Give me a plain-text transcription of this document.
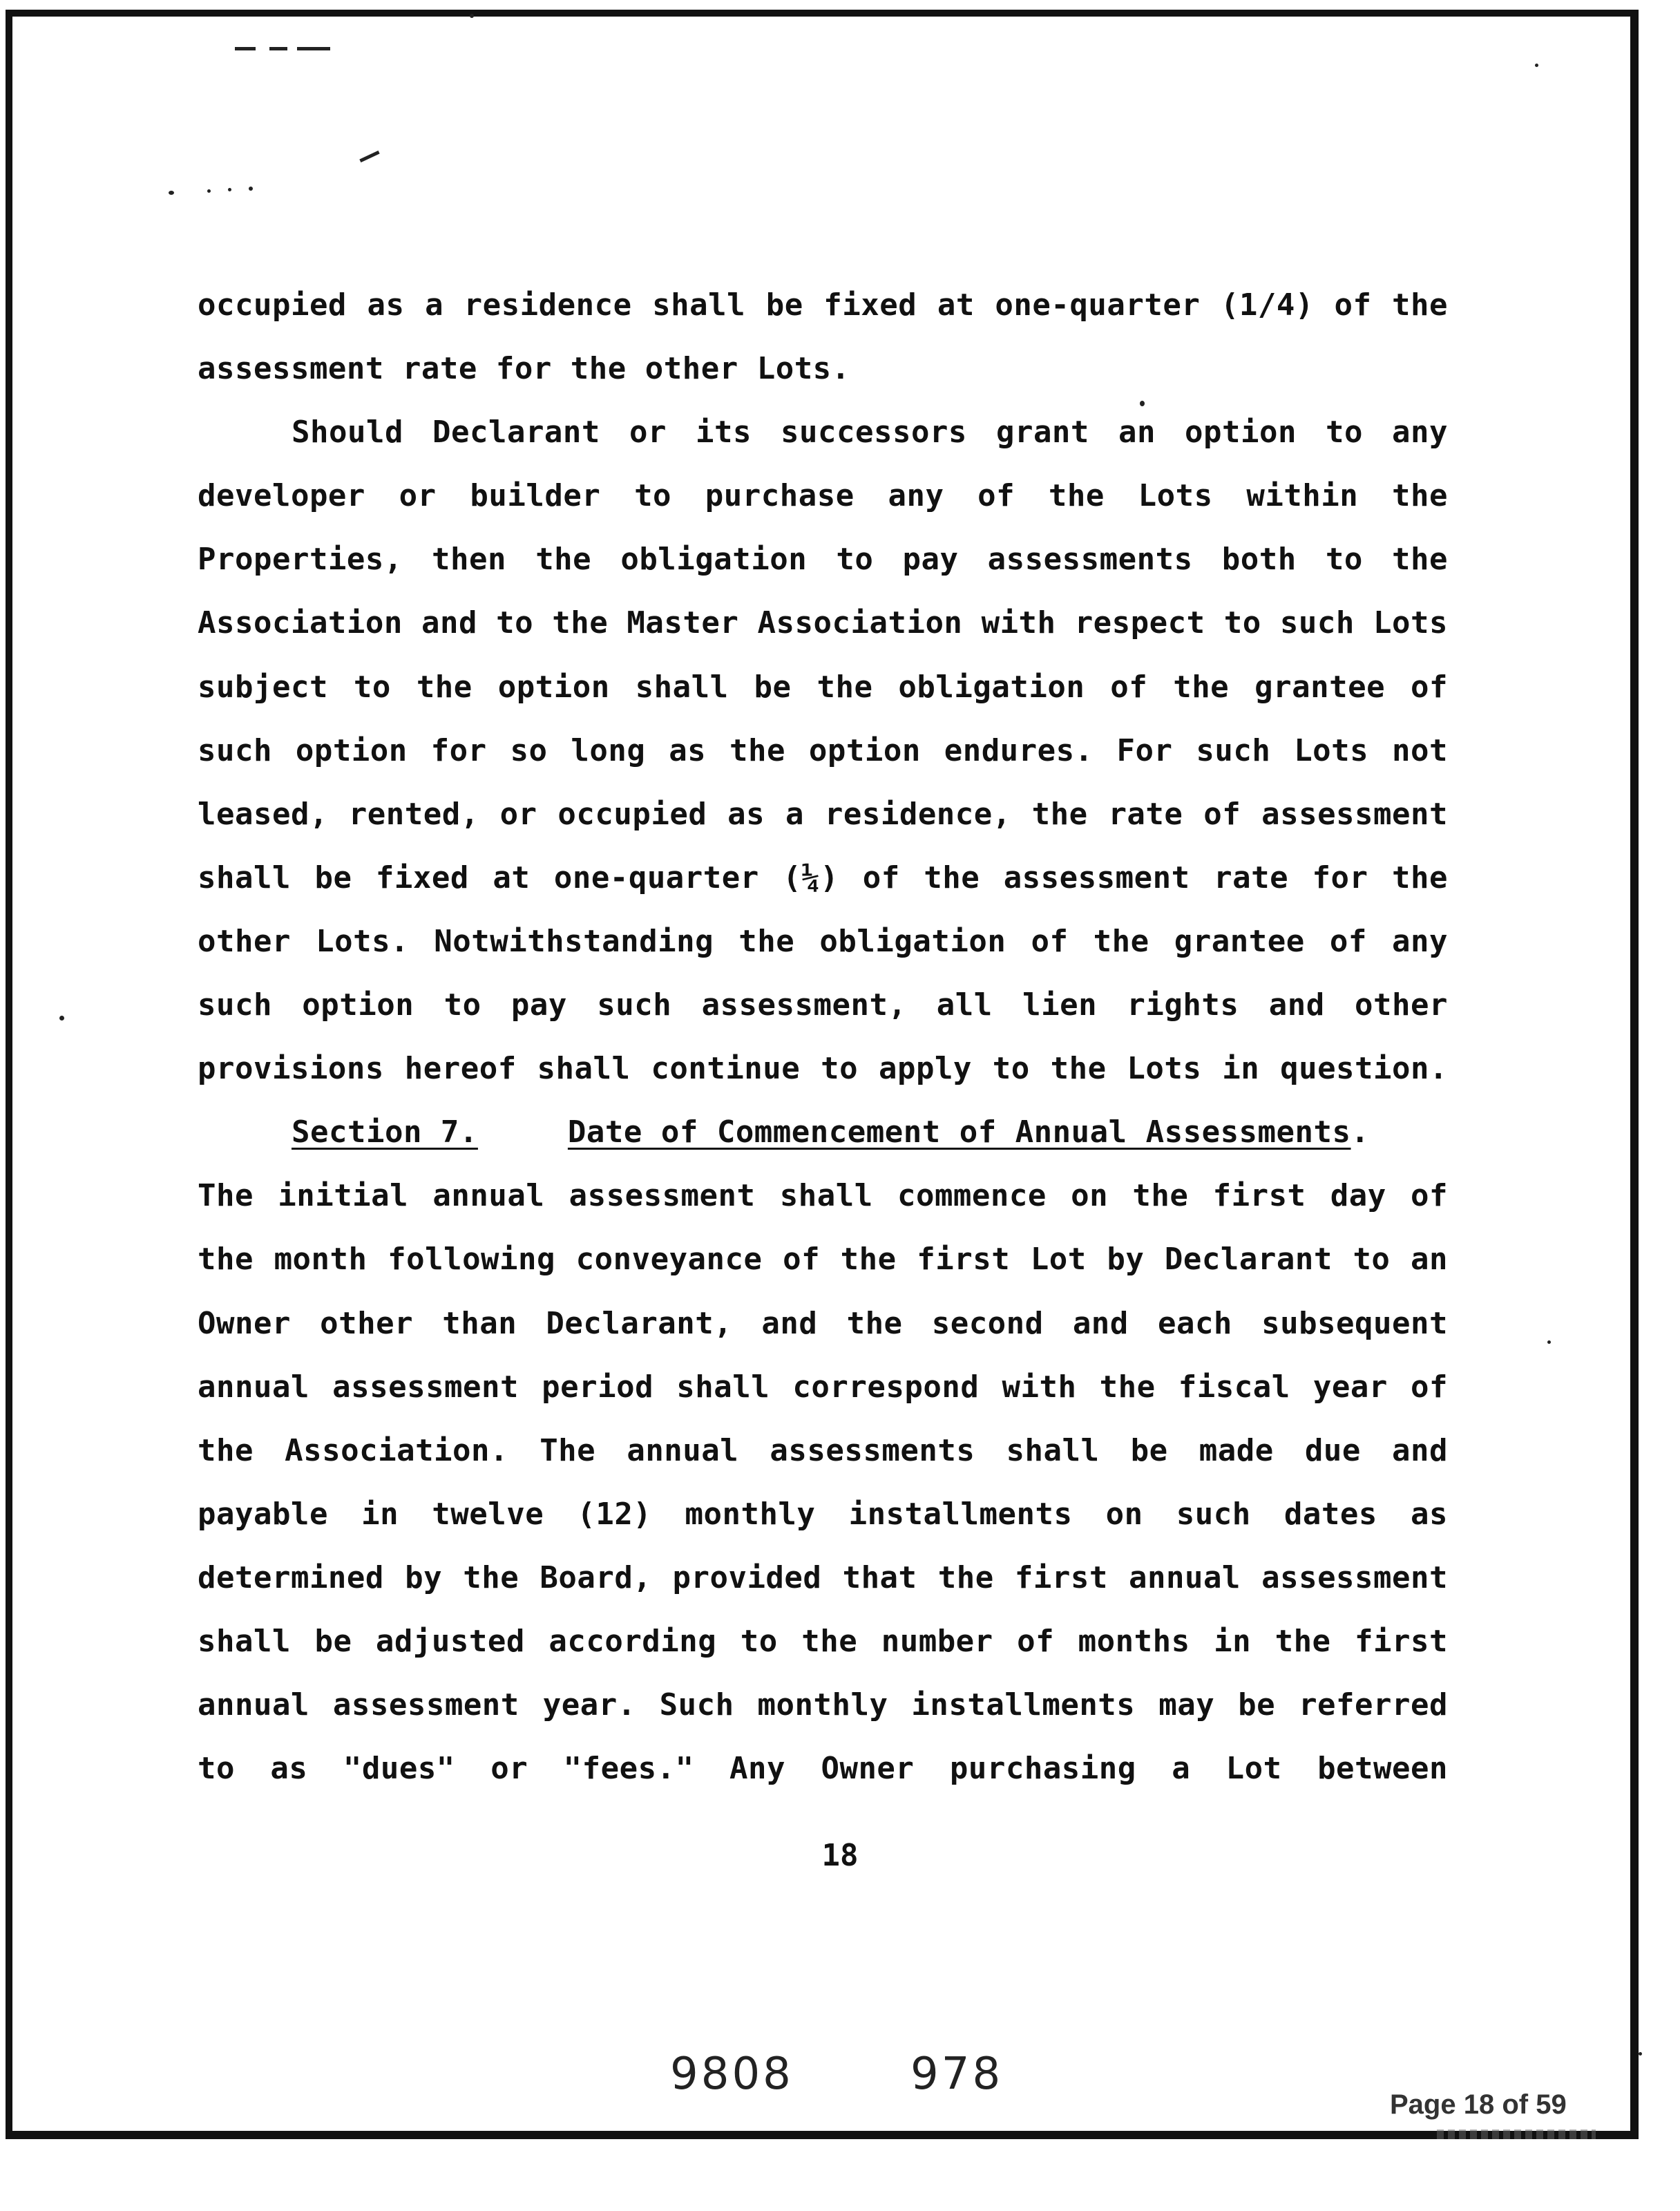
occupied as a residence shall be fixed at one-quarter (1/4) of the
assessment rate for the other Lots.
Should Declarant or its successors grant an option to any
developer or builder to purchase any of the Lots within the
Properties, then the obligation to pay assessments both to the
Association and to the Master Association with respect to such Lots
subject to the option shall be the obligation of the grantee of
such option for so long as the option endures. For such Lots not
leased, rented, or occupied as a residence, the rate of assessment
shall be fixed at one-quarter (¼) of the assessment rate for the
other Lots. Notwithstanding the obligation of the grantee of any
such option to pay such assessment, all lien rights and other
provisions hereof shall continue to apply to the Lots in question.
Section 7.	Date of Commencement of Annual Assessments .
The initial annual assessment shall commence on the first day of
the month following conveyance of the first Lot by Declarant to an
Owner other than Declarant, and the second and each subsequent
annual assessment period shall correspond with the fiscal year of
the Association. The annual assessments shall be made due and
payable in twelve (12) monthly installments on such dates as
determined by the Board, provided that the first annual assessment
shall be adjusted according to the number of months in the first
annual assessment year. Such monthly installments may be referred
to as "dues" or "fees." Any Owner purchasing a Lot between
18
9808	978
Page 18 of 59
